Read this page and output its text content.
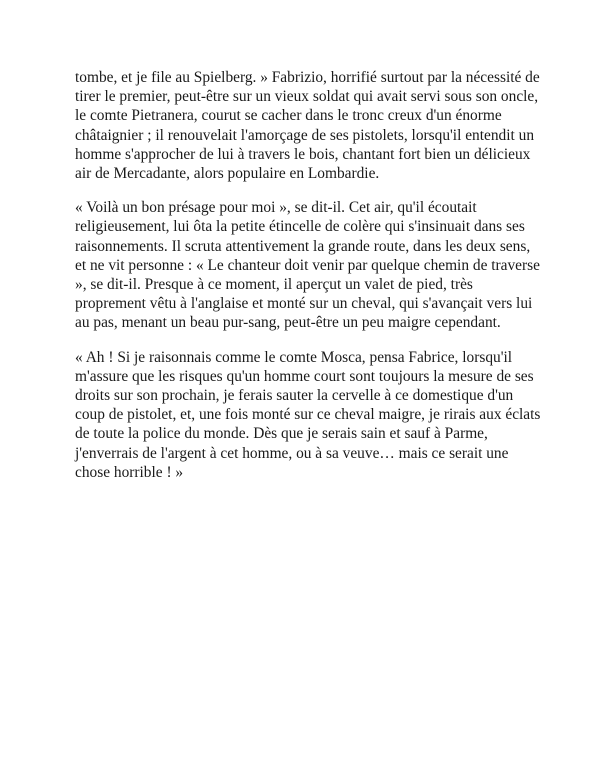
tombe, et je file au Spielberg. » Fabrizio, horrifié surtout par la nécessité de
tirer le premier, peut-être sur un vieux soldat qui avait servi sous son oncle,
le comte Pietranera, courut se cacher dans le tronc creux d'un énorme
châtaignier ; il renouvelait l'amorçage de ses pistolets, lorsqu'il entendit un
homme s'approcher de lui à travers le bois, chantant fort bien un délicieux
air de Mercadante, alors populaire en Lombardie.

« Voilà un bon présage pour moi », se dit-il. Cet air, qu'il écoutait
religieusement, lui ôta la petite étincelle de colère qui s'insinuait dans ses
raisonnements. Il scruta attentivement la grande route, dans les deux sens,
et ne vit personne : « Le chanteur doit venir par quelque chemin de traverse
», se dit-il. Presque à ce moment, il aperçut un valet de pied, très
proprement vêtu à l'anglaise et monté sur un cheval, qui s'avançait vers lui
au pas, menant un beau pur-sang, peut-être un peu maigre cependant.

« Ah ! Si je raisonnais comme le comte Mosca, pensa Fabrice, lorsqu'il
m'assure que les risques qu'un homme court sont toujours la mesure de ses
droits sur son prochain, je ferais sauter la cervelle à ce domestique d'un
coup de pistolet, et, une fois monté sur ce cheval maigre, je rirais aux éclats
de toute la police du monde. Dès que je serais sain et sauf à Parme,
j'enverrais de l'argent à cet homme, ou à sa veuve… mais ce serait une
chose horrible ! »
